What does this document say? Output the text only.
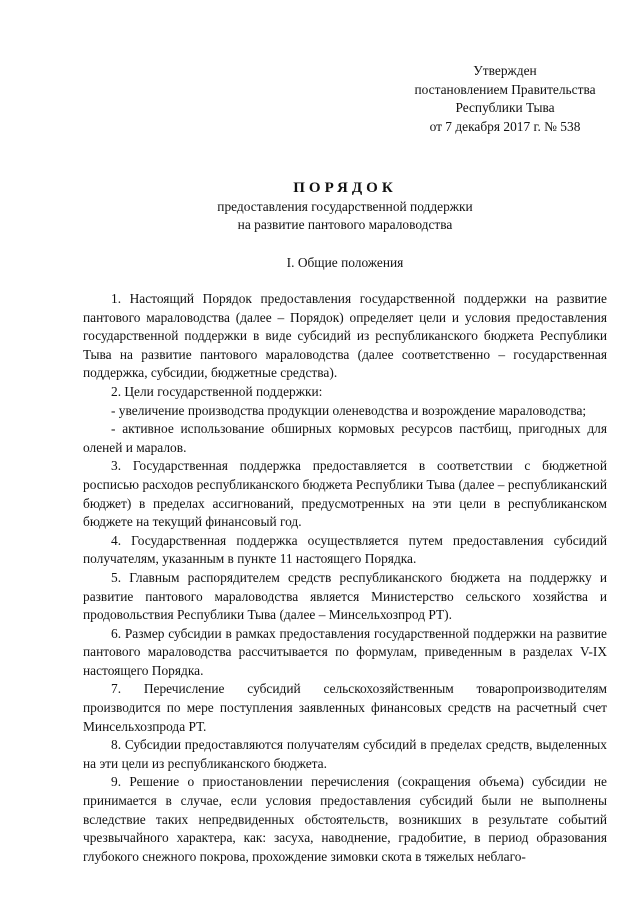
Утвержден
постановлением Правительства
Республики Тыва
от 7 декабря 2017 г. № 538
ПОРЯДОК
предоставления государственной поддержки
на развитие пантового мараловодства
I. Общие положения

1. Настоящий Порядок предоставления государственной поддержки на развитие пантового мараловодства (далее – Порядок) определяет цели и условия предоставления государственной поддержки в виде субсидий из республиканского бюджета Республики Тыва на развитие пантового мараловодства (далее соответственно – государственная поддержка, субсидии, бюджетные средства).

2. Цели государственной поддержки:

- увеличение производства продукции оленеводства и возрождение мараловодства;

- активное использование обширных кормовых ресурсов пастбищ, пригодных для оленей и маралов.

3. Государственная поддержка предоставляется в соответствии с бюджетной росписью расходов республиканского бюджета Республики Тыва (далее – республиканский бюджет) в пределах ассигнований, предусмотренных на эти цели в республиканском бюджете на текущий финансовый год.

4. Государственная поддержка осуществляется путем предоставления субсидий получателям, указанным в пункте 11 настоящего Порядка.

5. Главным распорядителем средств республиканского бюджета на поддержку и развитие пантового мараловодства является Министерство сельского хозяйства и продовольствия Республики Тыва (далее – Минсельхозпрод РТ).

6. Размер субсидии в рамках предоставления государственной поддержки на развитие пантового мараловодства рассчитывается по формулам, приведенным в разделах V-IX настоящего Порядка.

7. Перечисление субсидий сельскохозяйственным товаропроизводителям производится по мере поступления заявленных финансовых средств на расчетный счет Минсельхозпрода РТ.

8. Субсидии предоставляются получателям субсидий в пределах средств, выделенных на эти цели из республиканского бюджета.

9. Решение о приостановлении перечисления (сокращения объема) субсидии не принимается в случае, если условия предоставления субсидий были не выполнены вследствие таких непредвиденных обстоятельств, возникших в результате событий чрезвычайного характера, как: засуха, наводнение, градобитие, в период образования глубокого снежного покрова, прохождение зимовки скота в тяжелых неблаго-
